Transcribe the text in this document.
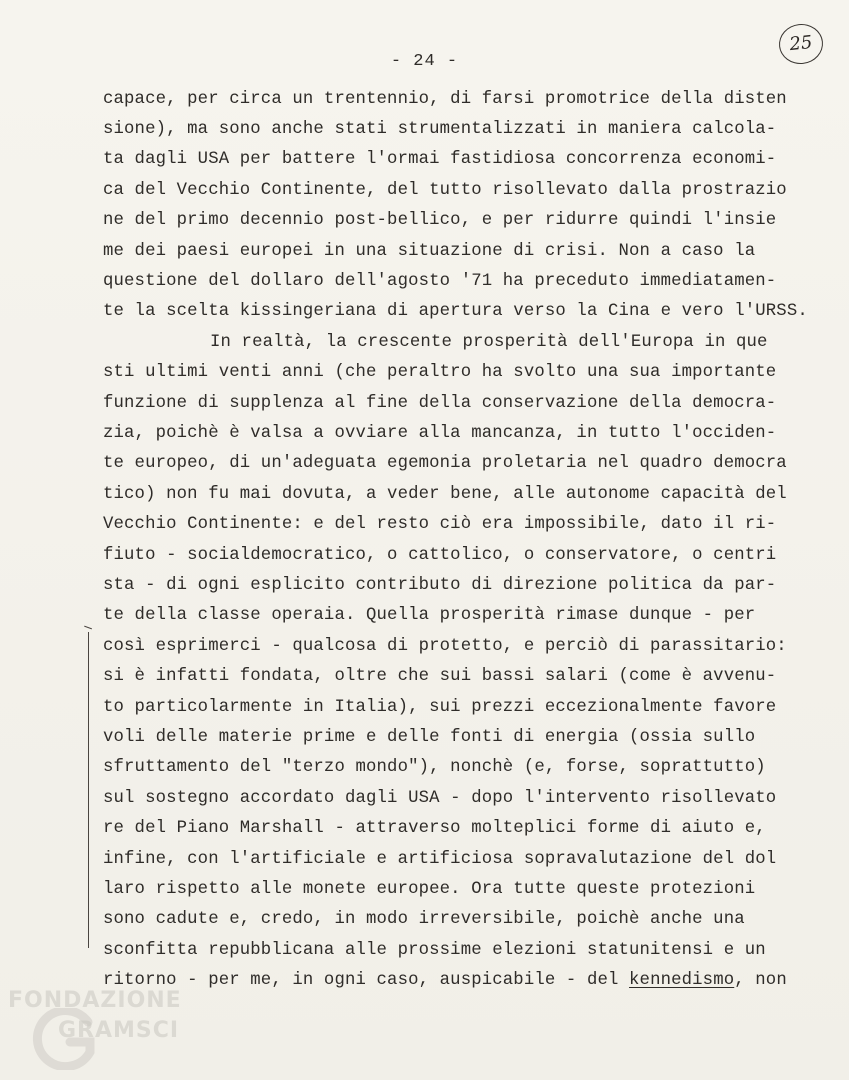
- 24 -
25
capace, per circa un trentennio, di farsi promotrice della disten
sione), ma sono anche stati strumentalizzati in maniera calcola-
ta dagli USA per battere l'ormai fastidiosa concorrenza economi-
ca del Vecchio Continente, del tutto risollevato dalla prostrazio
ne del primo decennio post-bellico, e per ridurre quindi l'insie
me dei paesi europei in una situazione di crisi. Non a caso la
questione del dollaro dell'agosto '71 ha preceduto immediatamen-
te la scelta kissingeriana di apertura verso la Cina e vero l'URSS.
In realtà, la crescente prosperità dell'Europa in que
sti ultimi venti anni (che peraltro ha svolto una sua importante
funzione di supplenza al fine della conservazione della democra-
zia, poichè è valsa a ovviare alla mancanza, in tutto l'occiden-
te europeo, di un'adeguata egemonia proletaria nel quadro democra
tico) non fu mai dovuta, a veder bene, alle autonome capacità del
Vecchio Continente: e del resto ciò era impossibile, dato il ri-
fiuto - socialdemocratico, o cattolico, o conservatore, o centri
sta - di ogni esplicito contributo di direzione politica da par-
te della classe operaia. Quella prosperità rimase dunque - per
così esprimerci - qualcosa di protetto, e perciò di parassitario:
si è infatti fondata, oltre che sui bassi salari (come è avvenu-
to particolarmente in Italia), sui prezzi eccezionalmente favore
voli delle materie prime e delle fonti di energia (ossia sullo
sfruttamento del "terzo mondo"), nonchè (e, forse, soprattutto)
sul sostegno accordato dagli USA - dopo l'intervento risollevato
re del Piano Marshall - attraverso molteplici forme di aiuto e,
infine, con l'artificiale e artificiosa sopravalutazione del dol
laro rispetto alle monete europee. Ora tutte queste protezioni
sono cadute e, credo, in modo irreversibile, poichè anche una
sconfitta repubblicana alle prossime elezioni statunitensi e un
ritorno - per me, in ogni caso, auspicabile - del kennedismo, non
FONDAZIONE
GRAMSCI
